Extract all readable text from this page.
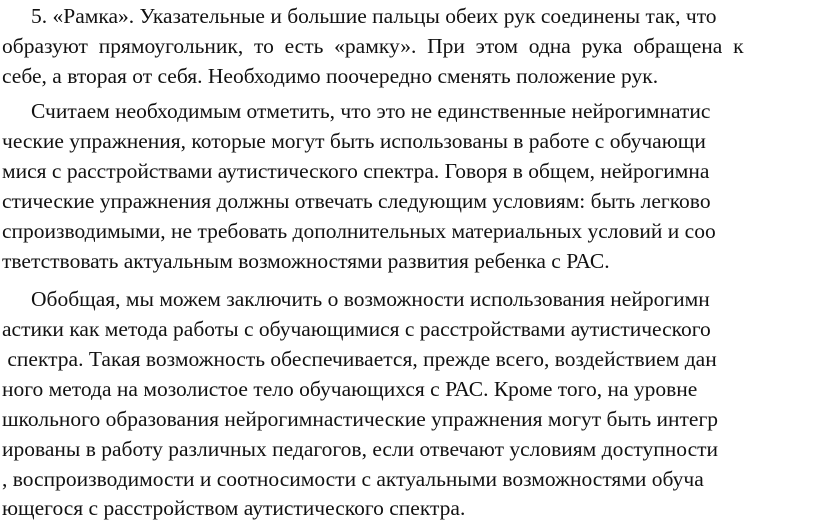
5. «Рамка». Указательные и большие пальцы обеих рук соединены так, что
образуют  прямоугольник,  то  есть  «рамку».  При  этом  одна  рука  обращена  к
себе, а вторая от себя. Необходимо поочередно сменять положение рук.
Считаем необходимым отметить, что это не единственные нейрогимнатис
ческие упражнения, которые могут быть использованы в работе с обучающи
мися с расстройствами аутистического спектра. Говоря в общем, нейрогимна
стические упражнения должны отвечать следующим условиям: быть легково
спроизводимыми, не требовать дополнительных материальных условий и соо
тветствовать актуальным возможностями развития ребенка с РАС.
Обобщая, мы можем заключить о возможности использования нейрогимн
астики как метода работы с обучающимися с расстройствами аутистического
спектра. Такая возможность обеспечивается, прежде всего, воздействием дан
ного метода на мозолистое тело обучающихся с РАС. Кроме того, на уровне
школьного образования нейрогимнастические упражнения могут быть интегр
ированы в работу различных педагогов, если отвечают условиям доступности
, воспроизводимости и соотносимости с актуальными возможностями обуча
ющегося с расстройством аутистического спектра.
